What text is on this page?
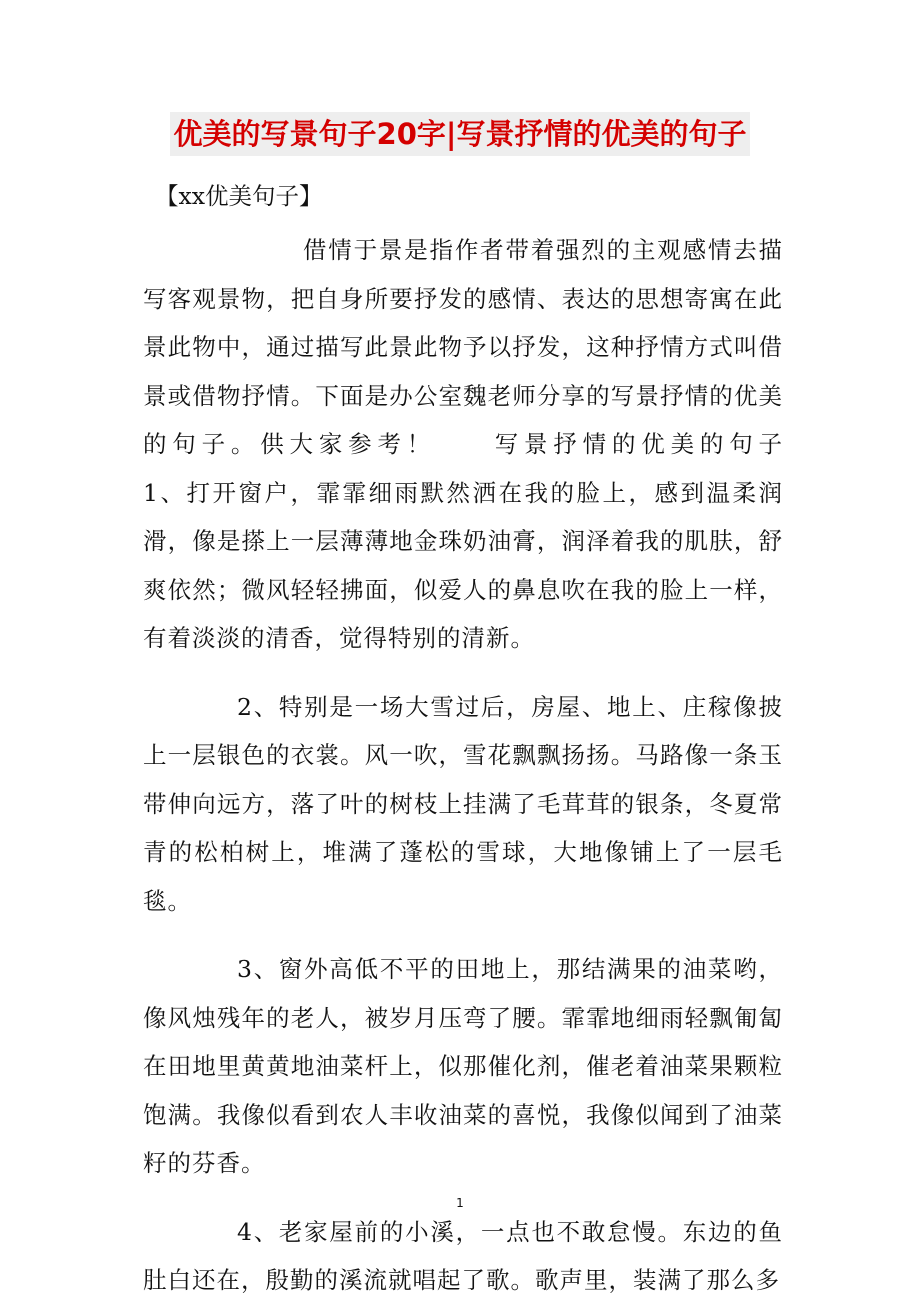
优美的写景句子20字|写景抒情的优美的句子
【xx优美句子】

借情于景是指作者带着强烈的主观感情去描写客观景物，把自身所要抒发的感情、表达的思想寄寓在此景此物中，通过描写此景此物予以抒发，这种抒情方式叫借景或借物抒情。下面是办公室魏老师分享的写景抒情的优美的句子。供大家参考！　　写景抒情的优美的句子　　　1、打开窗户，霏霏细雨默然洒在我的脸上，感到温柔润滑，像是搽上一层薄薄地金珠奶油膏，润泽着我的肌肤，舒爽依然；微风轻轻拂面，似爱人的鼻息吹在我的脸上一样，有着淡淡的清香，觉得特别的清新。

2、特别是一场大雪过后，房屋、地上、庄稼像披上一层银色的衣裳。风一吹，雪花飘飘扬扬。马路像一条玉带伸向远方，落了叶的树枝上挂满了毛茸茸的银条，冬夏常青的松柏树上，堆满了蓬松的雪球，大地像铺上了一层毛毯。

3、窗外高低不平的田地上，那结满果的油菜哟，像风烛残年的老人，被岁月压弯了腰。霏霏地细雨轻飘匍匐在田地里黄黄地油菜杆上，似那催化剂，催老着油菜果颗粒饱满。我像似看到农人丰收油菜的喜悦，我像似闻到了油菜籽的芬香。

4、老家屋前的小溪，一点也不敢怠慢。东边的鱼肚白还在，殷勤的溪流就唱起了歌。歌声里，装满了那么多

1
